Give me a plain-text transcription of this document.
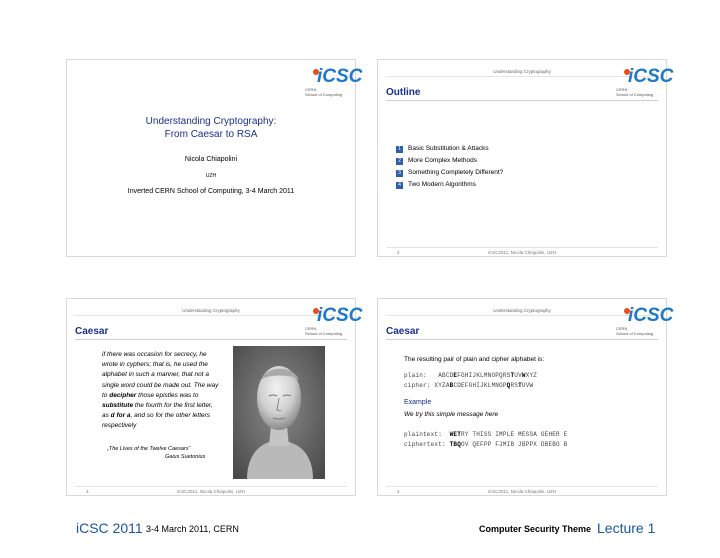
iCSC
CERN
School of Computing
Understanding Cryptography:
From Caesar to RSA
Nicola Chiapolini
UZH
Inverted CERN School of Computing, 3-4 March 2011
Understanding Cryptography	iCSC
CERN
School of Computing
Outline
1	Basic Substitution & Attacks
2	More Complex Methods
3	Something Completely Different?
4	Two Modern Algorithms
2	iCSC2011, Nicola Chiapolini, UZH
Understanding Cryptography	iCSC
CERN
School of Computing
Caesar
if there was occasion for secrecy, he wrote in cyphers; that is, he used the alphabet in such a manner, that not a single word could be made out. The way to decipher those epistles was to substitute the fourth for the first letter, as d for a, and so for the other letters respectively
„The Lives of the Twelve Caesars“
Gaius Suetonius
3	iCSC2011, Nicola Chiapolini, UZH
Understanding Cryptography	iCSC
CERN
School of Computing
Caesar
The resulting pair of plain and cipher alphabet is:
plain: ABCDEFGHIJKLMNOPQRSTUVWXYZ
cipher: XYZABCDEFGHIJKLMNOPQRSTUVW
Example
We try this simple message here
plaintext: WETRY THISS IMPLE MESSA GEHER E
ciphertext: TBQOV QEFPP FJMIB JBPPX DBEBO B
4	iCSC2011, Nicola Chiapolini, UZH
iCSC 2011 3-4 March 2011, CERN	Computer Security Theme Lecture 1
